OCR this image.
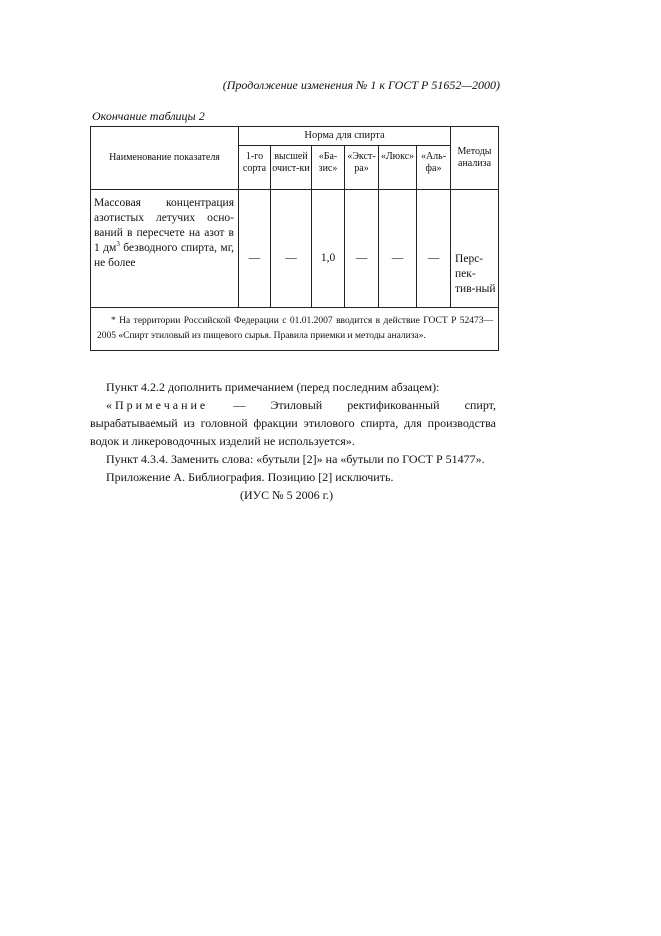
(Продолжение изменения № 1 к ГОСТ Р 51652—2000)
Окончание таблицы 2
Наименование показателя	Норма для спирта						Методы анализа
	1-го сорта	высшей очист-ки	«Ба-зис»	«Экст-ра»	«Люкс»	«Аль-фа»	
Массовая концентрация азотистых летучих осно-ваний в пересчете на азот в 1 $дм^3$ безводного спирта, мг, не более	—	—	1,0	—	—	—	Перс-пек-тив-ный
* На территории Российской Федерации с 01.01.2007 вводится в действие ГОСТ Р 52473—2005 «Спирт этиловый из пищевого сырья. Правила приемки и методы анализа».							

Пункт 4.2.2 дополнить примечанием (перед последним абзацем):

«Примечание — Этиловый ректификованный спирт, вырабатываемый из головной фракции этилового спирта, для производства водок и ликероводочных изделий не используется».

Пункт 4.3.4. Заменить слова: «бутыли [2]» на «бутыли по ГОСТ Р 51477».

Приложение А. Библиография. Позицию [2] исключить.

(ИУС № 5 2006 г.)
